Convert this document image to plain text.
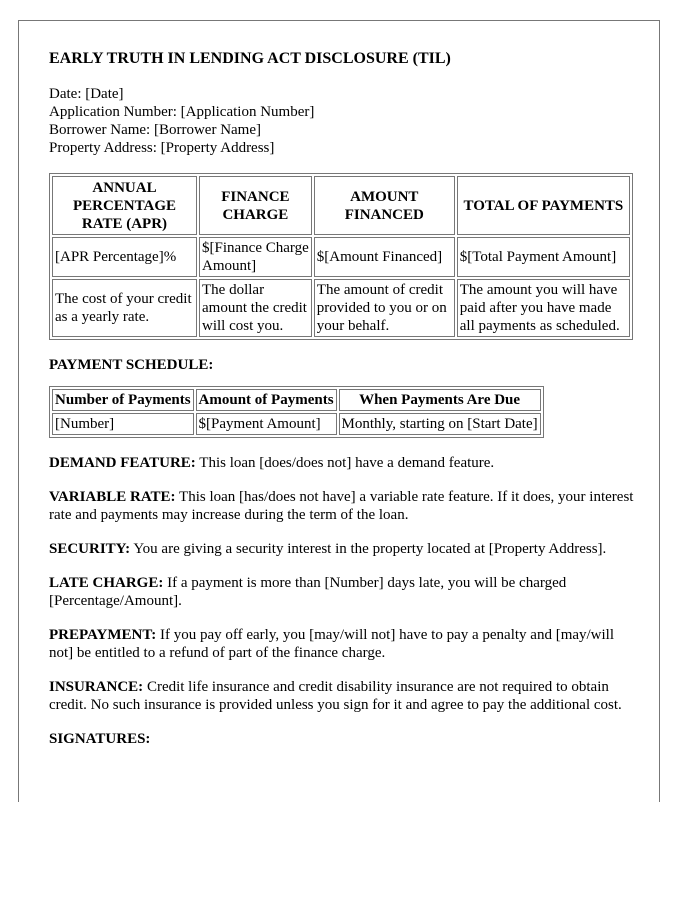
EARLY TRUTH IN LENDING ACT DISCLOSURE (TIL)
Date: [Date]
Application Number: [Application Number]
Borrower Name: [Borrower Name]
Property Address: [Property Address]
ANNUAL PERCENTAGE RATE (APR)	FINANCE CHARGE	AMOUNT FINANCED	TOTAL OF PAYMENTS
[APR Percentage]%	$[Finance Charge Amount]	$[Amount Financed]	$[Total Payment Amount]
The cost of your credit as a yearly rate.	The dollar amount the credit will cost you.	The amount of credit provided to you or on your behalf.	The amount you will have paid after you have made all payments as scheduled.
PAYMENT SCHEDULE:
Number of Payments	Amount of Payments	When Payments Are Due
[Number]	$[Payment Amount]	Monthly, starting on [Start Date]
DEMAND FEATURE: This loan [does/does not] have a demand feature.
VARIABLE RATE: This loan [has/does not have] a variable rate feature. If it does, your interest rate and payments may increase during the term of the loan.
SECURITY: You are giving a security interest in the property located at [Property Address].
LATE CHARGE: If a payment is more than [Number] days late, you will be charged [Percentage/Amount].
PREPAYMENT: If you pay off early, you [may/will not] have to pay a penalty and [may/will not] be entitled to a refund of part of the finance charge.
INSURANCE: Credit life insurance and credit disability insurance are not required to obtain credit. No such insurance is provided unless you sign for it and agree to pay the additional cost.
SIGNATURES:
